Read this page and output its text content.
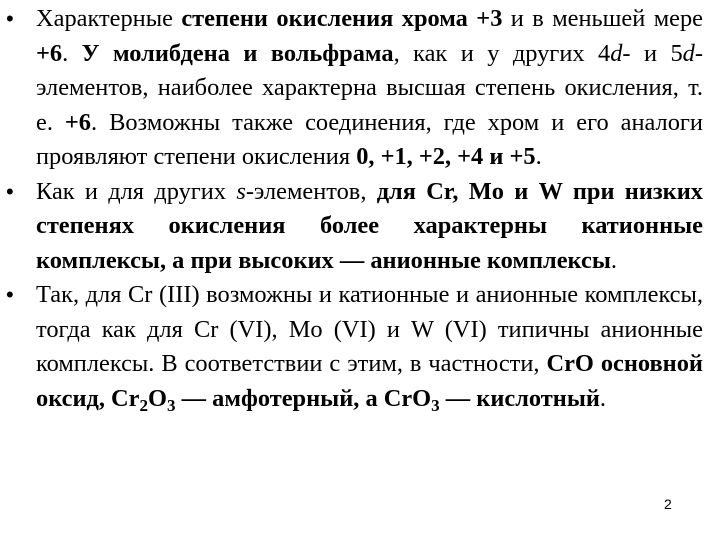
• Характерные степени окисления хрома +3 и в меньшей мере +6. У молибдена и вольфрама, как и у других 4d- и 5d-элементов, наиболее характерна высшая степень окисления, т. е. +6. Возможны также соединения, где хром и его аналоги проявляют степени окисления 0, +1, +2, +4 и +5.
• Как и для других s-элементов, для Cr, Mo и W при низких степенях окисления более характерны катионные комплексы, а при высоких — анионные комплексы.
• Так, для Cr (III) возможны и катионные и анионные комплексы, тогда как для Cr (VI), Mo (VI) и W (VI) типичны анионные комплексы. В соответствии с этим, в частности, CrO основной оксид, $Cr_2O_3$ — амфотерный, а CrO$_3$ — кислотный.
2
